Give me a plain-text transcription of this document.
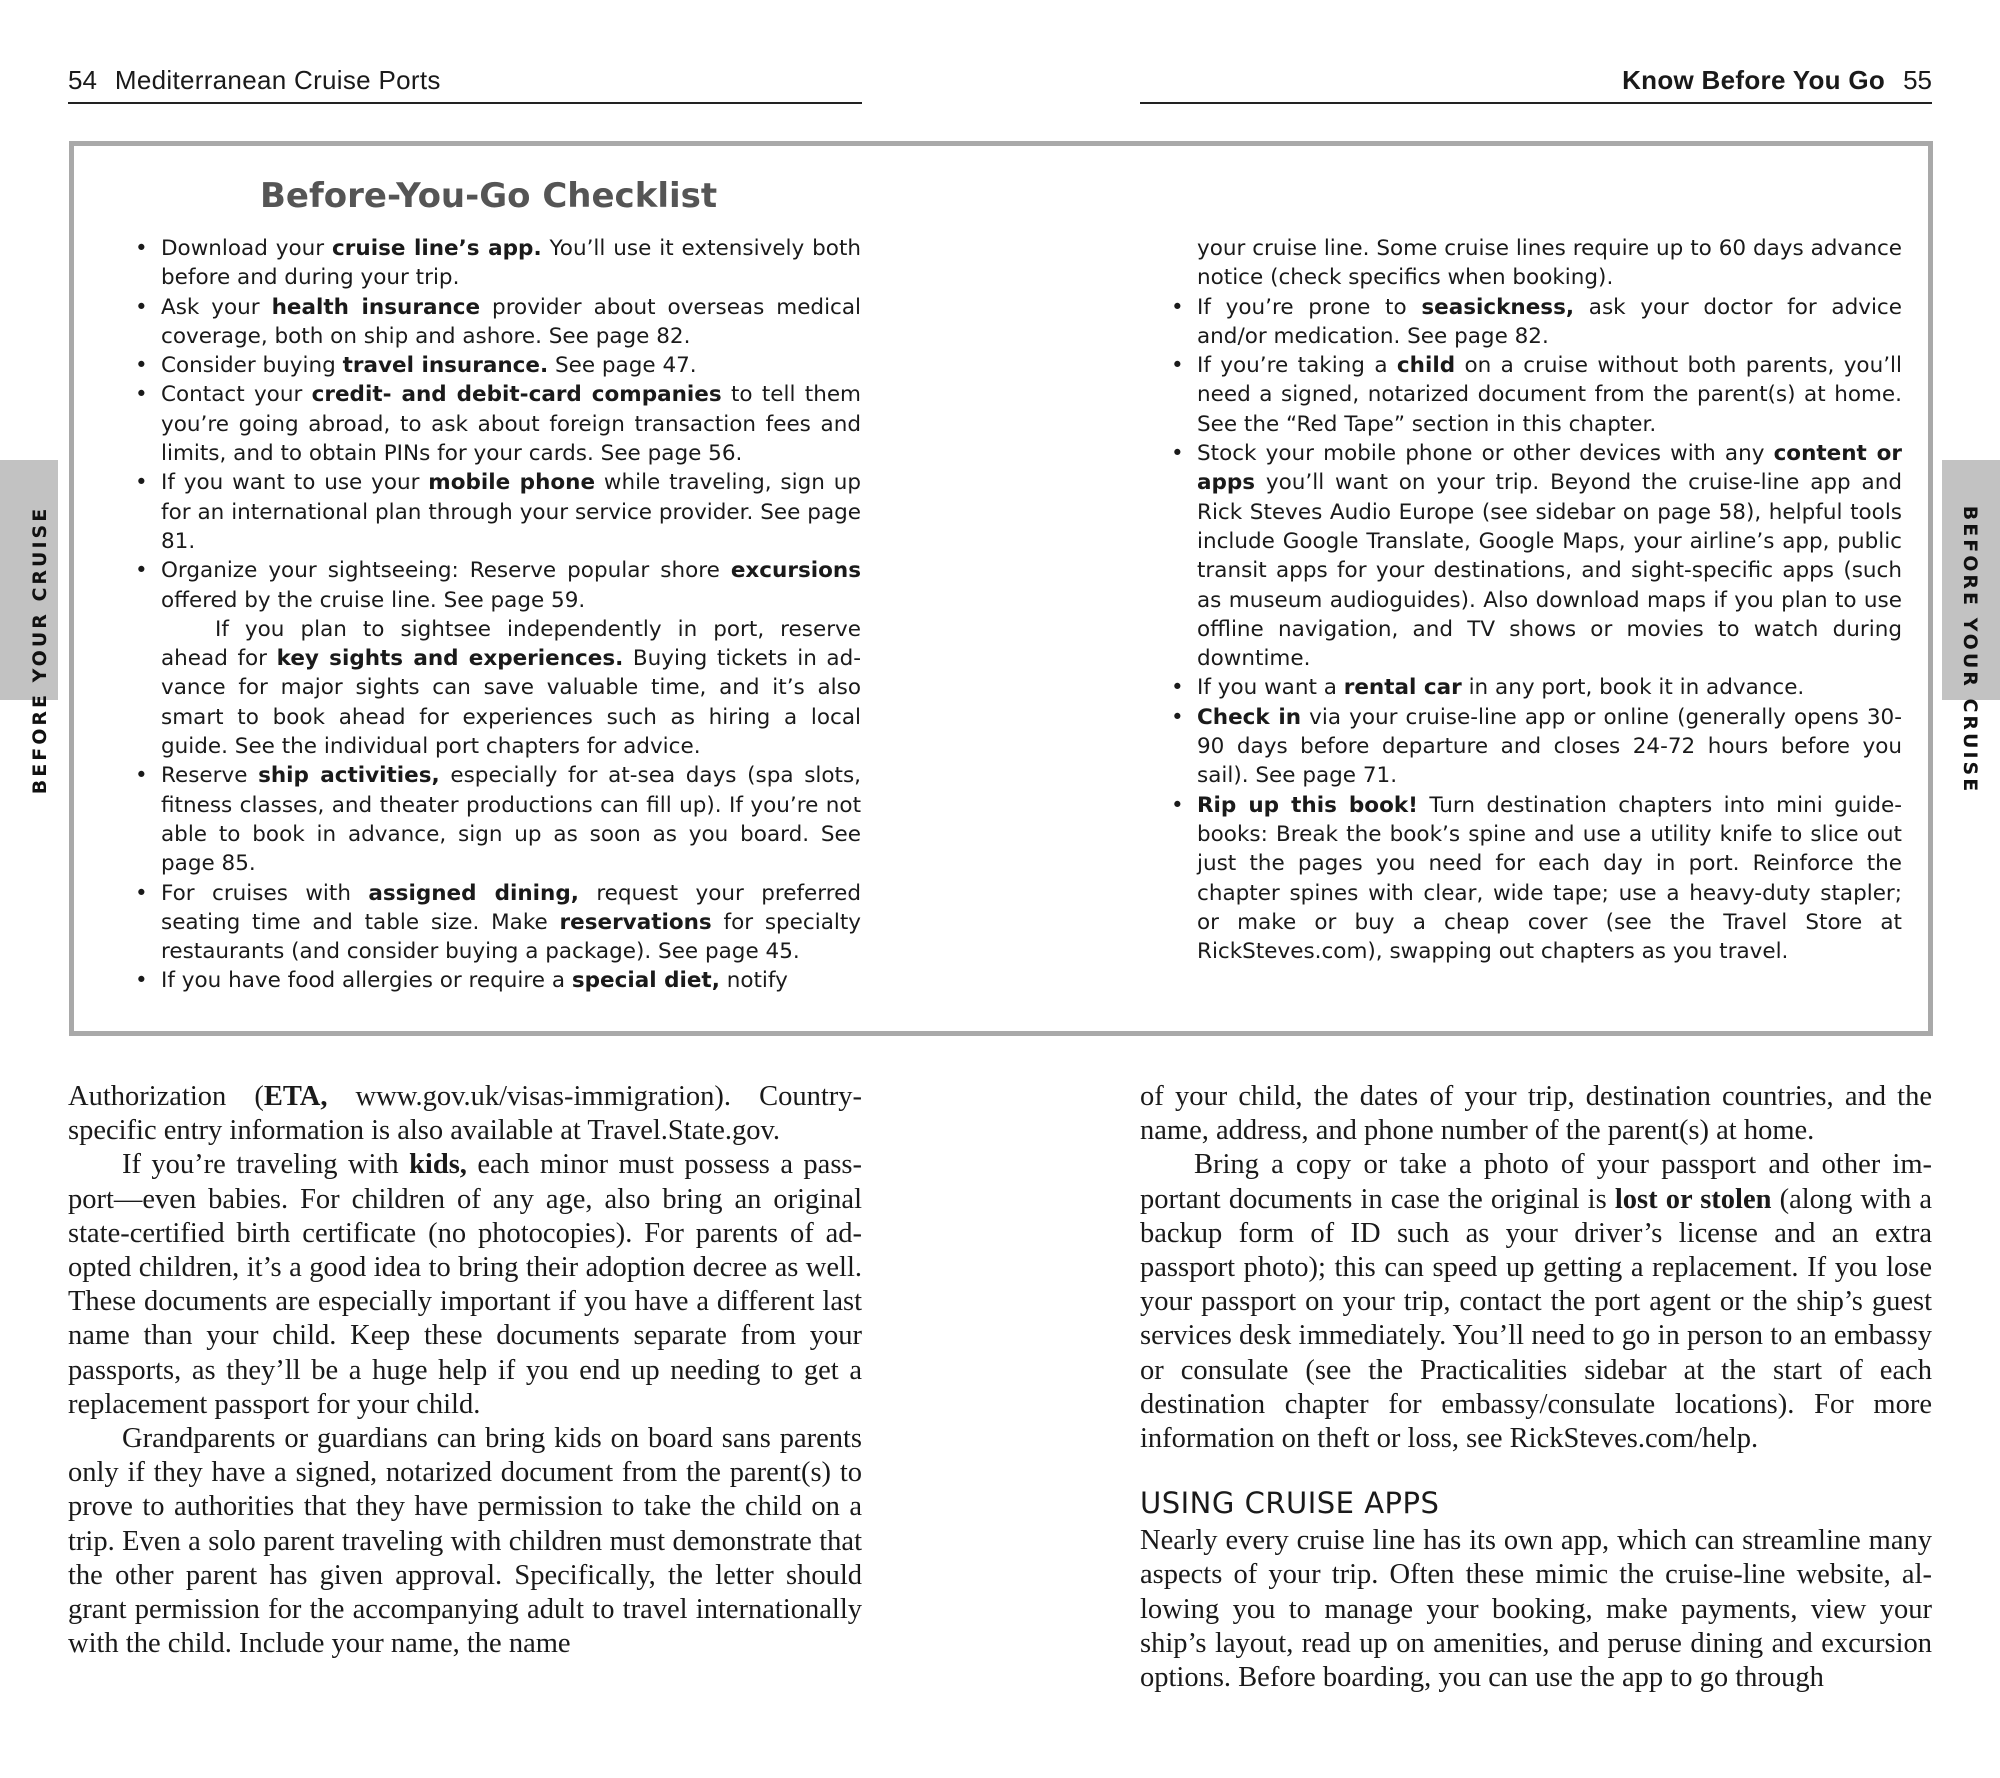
54 Mediterranean Cruise Ports	Know Before You Go 55
BEFORE YOUR CRUISE	BEFORE YOUR CRUISE
Before-You-Go Checklist
• Download your cruise line’s app. You’ll use it extensively both before and during your trip.
• Ask your health insurance provider about overseas medical coverage, both on ship and ashore. See page 82.
• Consider buying travel insurance. See page 47.
• Contact your credit- and debit-card companies to tell them you’re going abroad, to ask about foreign transaction fees and limits, and to obtain PINs for your cards. See page 56.
• If you want to use your mobile phone while traveling, sign up for an international plan through your service provider. See page 81.
• Organize your sightseeing: Reserve popular shore excursions offered by the cruise line. See page 59.

If you plan to sightsee independently in port, reserve ahead for key sights and experiences. Buying tickets in advance for major sights can save valuable time, and it’s also smart to book ahead for experiences such as hiring a local guide. See the individual port chapters for advice.

• Reserve ship activities, especially for at-sea days (spa slots, fitness classes, and theater productions can fill up). If you’re not able to book in advance, sign up as soon as you board. See page 85.
• For cruises with assigned dining, request your preferred seating time and table size. Make reservations for specialty restaurants (and consider buying a package). See page 45.
• If you have food allergies or require a special diet, notify

your cruise line. Some cruise lines require up to 60 days advance notice (check specifics when booking).

• If you’re prone to seasickness, ask your doctor for advice and/or medication. See page 82.
• If you’re taking a child on a cruise without both parents, you’ll need a signed, notarized document from the parent(s) at home. See the “Red Tape” section in this chapter.
• Stock your mobile phone or other devices with any content or apps you’ll want on your trip. Beyond the cruise-line app and Rick Steves Audio Europe (see sidebar on page 58), helpful tools include Google Translate, Google Maps, your airline’s app, public transit apps for your destinations, and sight-specific apps (such as museum audioguides). Also download maps if you plan to use offline navigation, and TV shows or movies to watch during downtime.
• If you want a rental car in any port, book it in advance.
• Check in via your cruise-line app or online (generally opens 30-90 days before departure and closes 24-72 hours before you sail). See page 71.
• Rip up this book! Turn destination chapters into mini guidebooks: Break the book’s spine and use a utility knife to slice out just the pages you need for each day in port. Reinforce the chapter spines with clear, wide tape; use a heavy-duty stapler; or make or buy a cheap cover (see the Travel Store at RickSteves.com), swapping out chapters as you travel.

Authorization (ETA, www.gov.uk/visas-immigration). Country-specific entry information is also available at Travel.State.gov.

If you’re traveling with kids, each minor must possess a passport—even babies. For children of any age, also bring an original state-certified birth certificate (no photocopies). For parents of adopted children, it’s a good idea to bring their adoption decree as well. These documents are especially important if you have a different last name than your child. Keep these documents separate from your passports, as they’ll be a huge help if you end up needing to get a replacement passport for your child.

Grandparents or guardians can bring kids on board sans parents only if they have a signed, notarized document from the parent(s) to prove to authorities that they have permission to take the child on a trip. Even a solo parent traveling with children must demonstrate that the other parent has given approval. Specifically, the letter should grant permission for the accompanying adult to travel internationally with the child. Include your name, the name

of your child, the dates of your trip, destination countries, and the name, address, and phone number of the parent(s) at home.

Bring a copy or take a photo of your passport and other important documents in case the original is lost or stolen (along with a backup form of ID such as your driver’s license and an extra passport photo); this can speed up getting a replacement. If you lose your passport on your trip, contact the port agent or the ship’s guest services desk immediately. You’ll need to go in person to an embassy or consulate (see the Practicalities sidebar at the start of each destination chapter for embassy/consulate locations). For more information on theft or loss, see RickSteves.com/help.

USING CRUISE APPS

Nearly every cruise line has its own app, which can streamline many aspects of your trip. Often these mimic the cruise-line website, allowing you to manage your booking, make payments, view your ship’s layout, read up on amenities, and peruse dining and excursion options. Before boarding, you can use the app to go through
